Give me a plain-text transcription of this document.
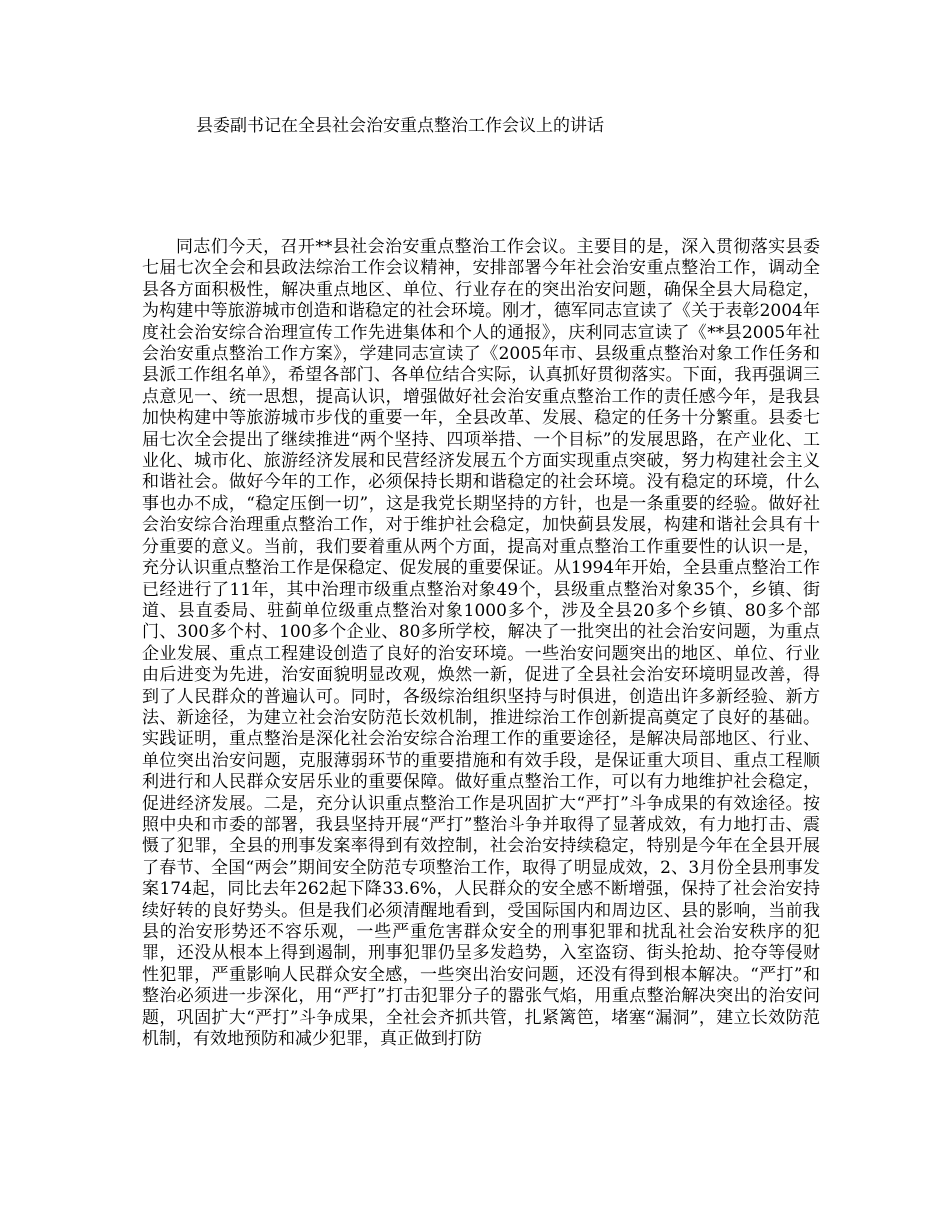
县委副书记在全县社会治安重点整治工作会议上的讲话

同志们今天，召开**县社会治安重点整治工作会议。主要目的是，深入贯彻落实县委七届七次全会和县政法综治工作会议精神，安排部署今年社会治安重点整治工作，调动全县各方面积极性，解决重点地区、单位、行业存在的突出治安问题，确保全县大局稳定，为构建中等旅游城市创造和谐稳定的社会环境。刚才，德军同志宣读了《关于表彰2004年度社会治安综合治理宣传工作先进集体和个人的通报》，庆利同志宣读了《**县2005年社会治安重点整治工作方案》，学建同志宣读了《2005年市、县级重点整治对象工作任务和县派工作组名单》，希望各部门、各单位结合实际，认真抓好贯彻落实。下面，我再强调三点意见一、统一思想，提高认识，增强做好社会治安重点整治工作的责任感今年，是我县加快构建中等旅游城市步伐的重要一年，全县改革、发展、稳定的任务十分繁重。县委七届七次全会提出了继续推进“两个坚持、四项举措、一个目标”的发展思路，在产业化、工业化、城市化、旅游经济发展和民营经济发展五个方面实现重点突破，努力构建社会主义和谐社会。做好今年的工作，必须保持长期和谐稳定的社会环境。没有稳定的环境，什么事也办不成，“稳定压倒一切”，这是我党长期坚持的方针，也是一条重要的经验。做好社会治安综合治理重点整治工作，对于维护社会稳定，加快蓟县发展，构建和谐社会具有十分重要的意义。当前，我们要着重从两个方面，提高对重点整治工作重要性的认识一是，充分认识重点整治工作是保稳定、促发展的重要保证。从1994年开始，全县重点整治工作已经进行了11年，其中治理市级重点整治对象49个，县级重点整治对象35个，乡镇、街道、县直委局、驻蓟单位级重点整治对象1000多个，涉及全县20多个乡镇、80多个部门、300多个村、100多个企业、80多所学校，解决了一批突出的社会治安问题，为重点企业发展、重点工程建设创造了良好的治安环境。一些治安问题突出的地区、单位、行业由后进变为先进，治安面貌明显改观，焕然一新，促进了全县社会治安环境明显改善，得到了人民群众的普遍认可。同时，各级综治组织坚持与时俱进，创造出许多新经验、新方法、新途径，为建立社会治安防范长效机制，推进综治工作创新提高奠定了良好的基础。实践证明，重点整治是深化社会治安综合治理工作的重要途径，是解决局部地区、行业、单位突出治安问题，克服薄弱环节的重要措施和有效手段，是保证重大项目、重点工程顺利进行和人民群众安居乐业的重要保障。做好重点整治工作，可以有力地维护社会稳定，促进经济发展。二是，充分认识重点整治工作是巩固扩大“严打”斗争成果的有效途径。按照中央和市委的部署，我县坚持开展“严打”整治斗争并取得了显著成效，有力地打击、震慑了犯罪，全县的刑事发案率得到有效控制，社会治安持续稳定，特别是今年在全县开展了春节、全国“两会”期间安全防范专项整治工作，取得了明显成效，2、3月份全县刑事发案174起，同比去年262起下降33.6%，人民群众的安全感不断增强，保持了社会治安持续好转的良好势头。但是我们必须清醒地看到，受国际国内和周边区、县的影响，当前我县的治安形势还不容乐观，一些严重危害群众安全的刑事犯罪和扰乱社会治安秩序的犯罪，还没从根本上得到遏制，刑事犯罪仍呈多发趋势，入室盗窃、街头抢劫、抢夺等侵财性犯罪，严重影响人民群众安全感，一些突出治安问题，还没有得到根本解决。“严打”和整治必须进一步深化，用“严打”打击犯罪分子的嚣张气焰，用重点整治解决突出的治安问题，巩固扩大“严打”斗争成果，全社会齐抓共管，扎紧篱笆，堵塞“漏洞”，建立长效防范机制，有效地预防和减少犯罪，真正做到打防
